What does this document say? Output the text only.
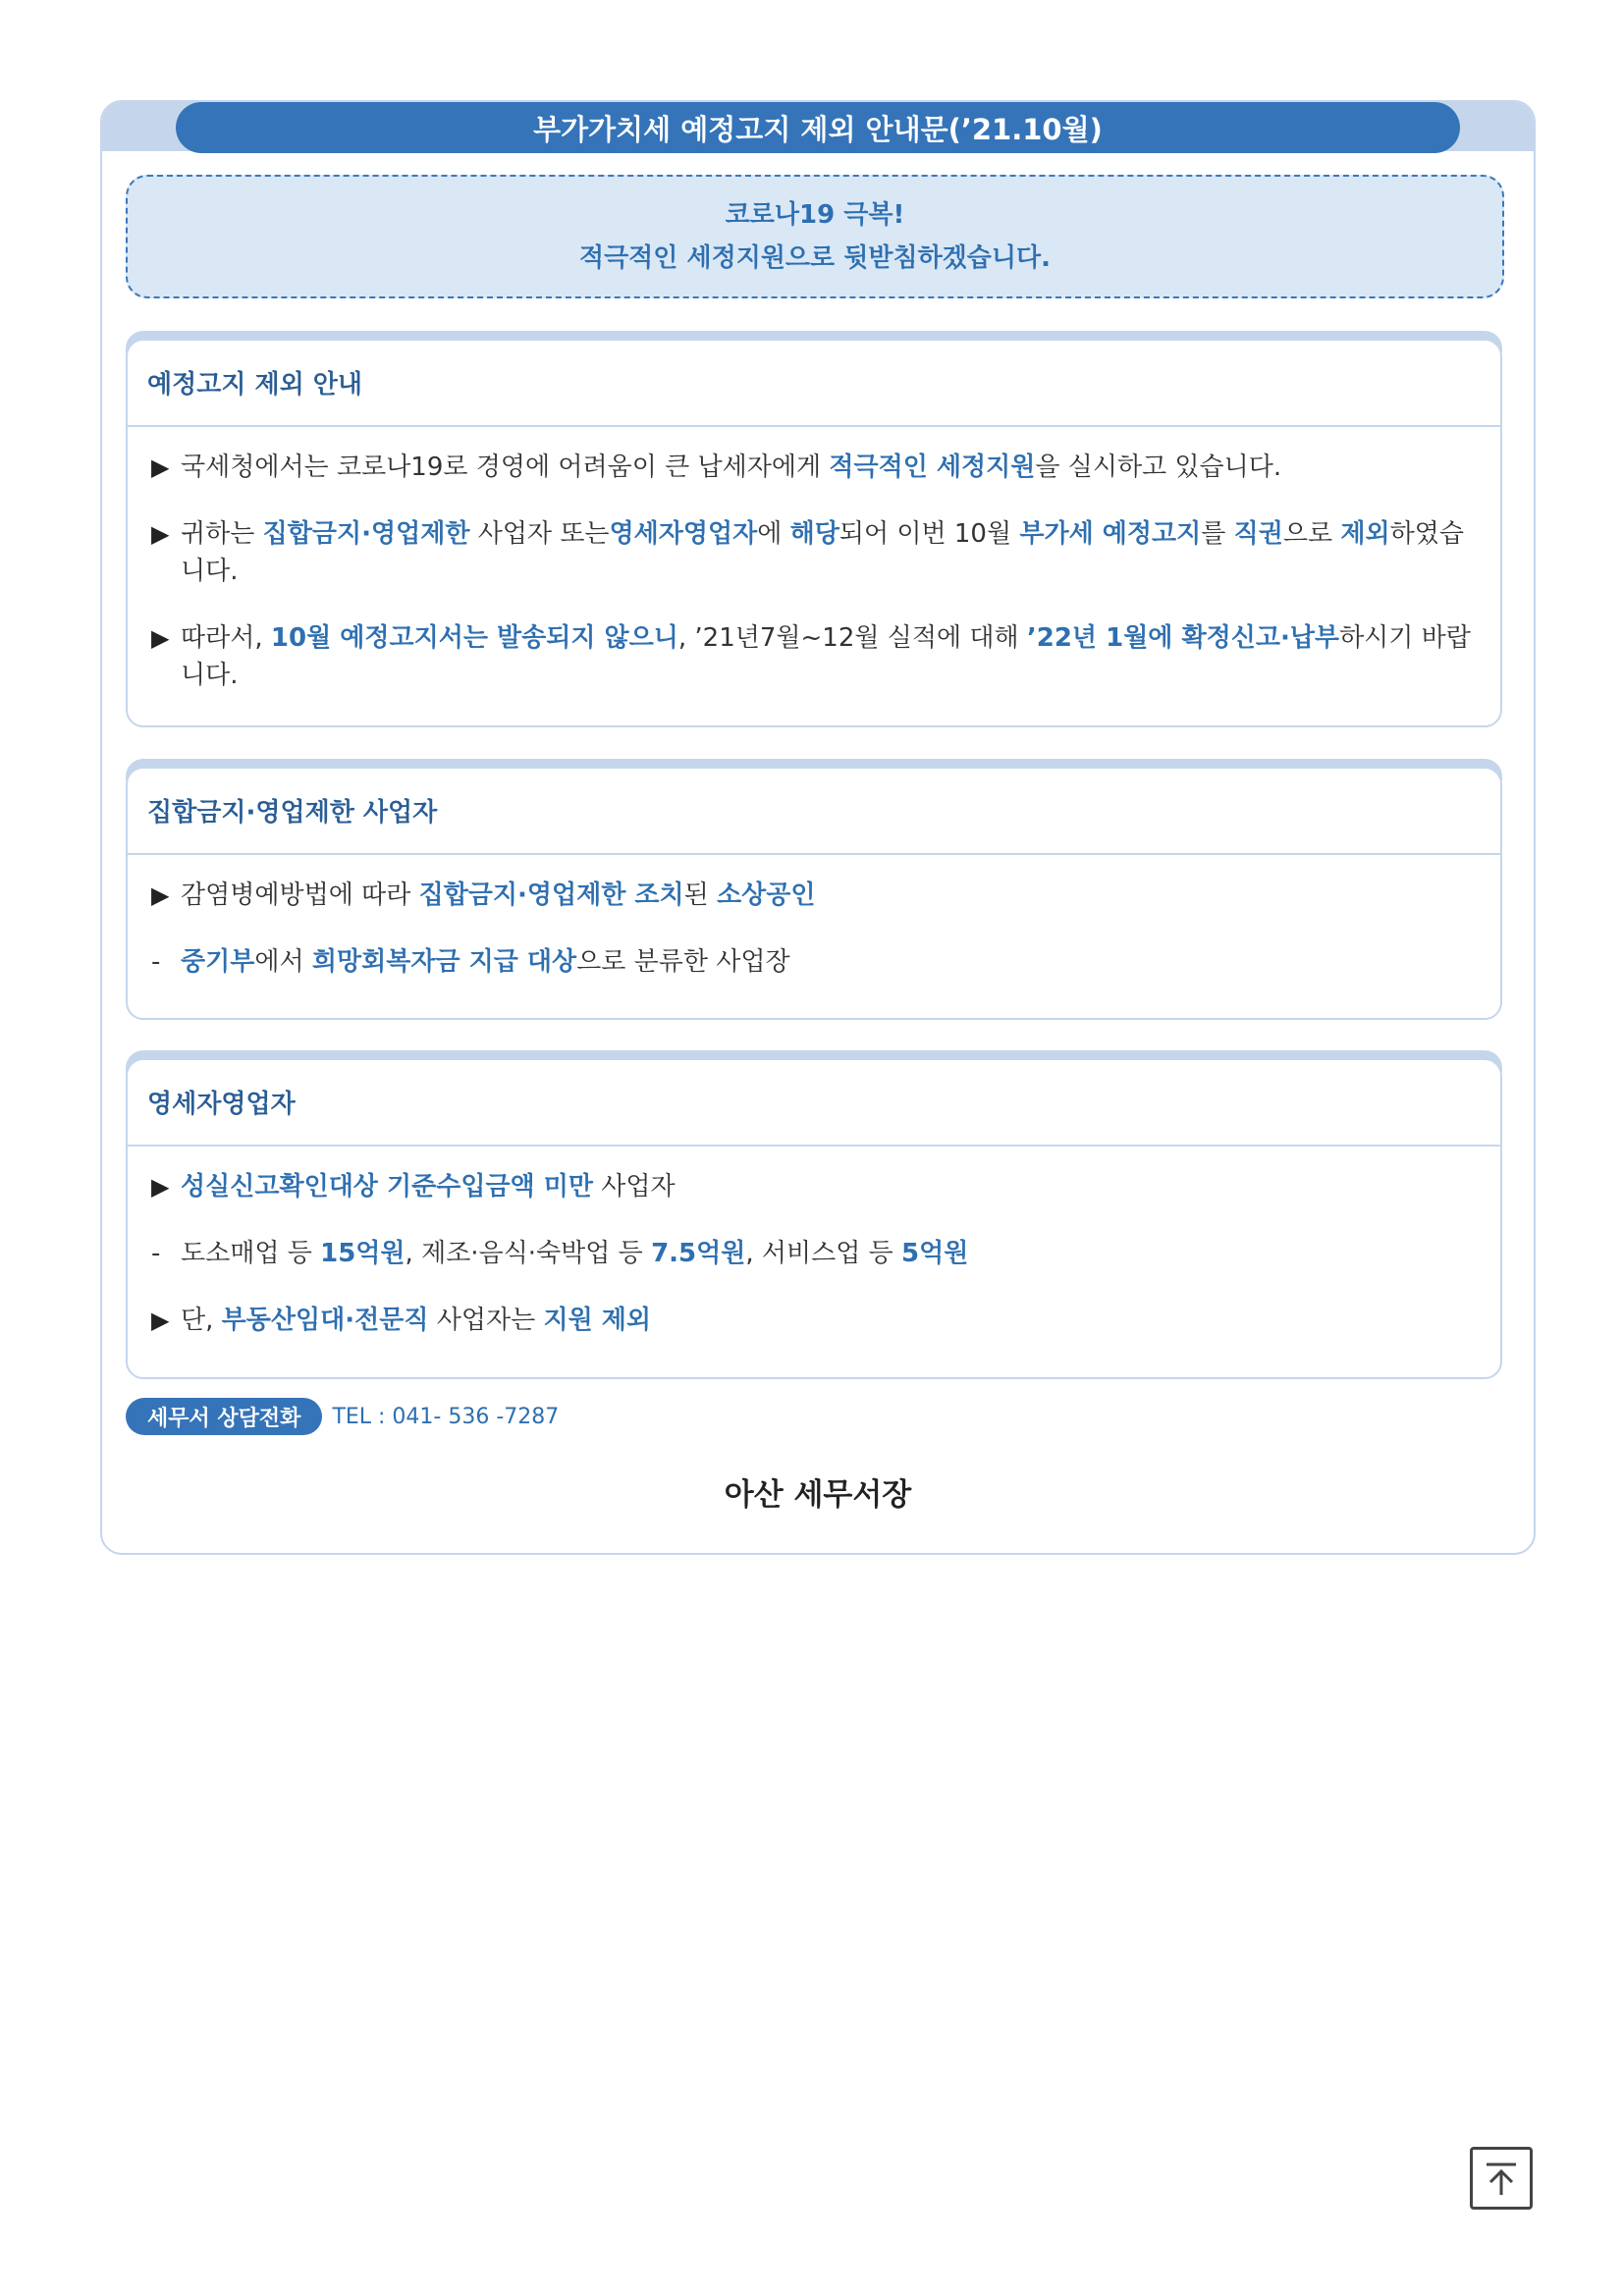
부가가치세 예정고지 제외 안내문(’21.10월)
코로나19 극복!
적극적인 세정지원으로 뒷받침하겠습니다.
예정고지 제외 안내
▶ 국세청에서는 코로나19로 경영에 어려움이 큰 납세자에게 적극적인 세정지원을 실시하고 있습니다.
▶ 귀하는 집합금지·영업제한 사업자 또는영세자영업자에 해당되어 이번 10월 부가세 예정고지를 직권으로 제외하였습니다.
▶ 따라서, 10월 예정고지서는 발송되지 않으니, ’21년7월~12월 실적에 대해 ’22년 1월에 확정신고·납부하시기 바랍니다.
집합금지·영업제한 사업자
▶ 감염병예방법에 따라 집합금지·영업제한 조치된 소상공인
- 중기부에서 희망회복자금 지급 대상으로 분류한 사업장
영세자영업자
▶ 성실신고확인대상 기준수입금액 미만 사업자
- 도소매업 등 15억원, 제조·음식·숙박업 등 7.5억원, 서비스업 등 5억원
▶ 단, 부동산임대·전문직 사업자는 지원 제외
세무서 상담전화	TEL : 041- 536 -7287
아산 세무서장
